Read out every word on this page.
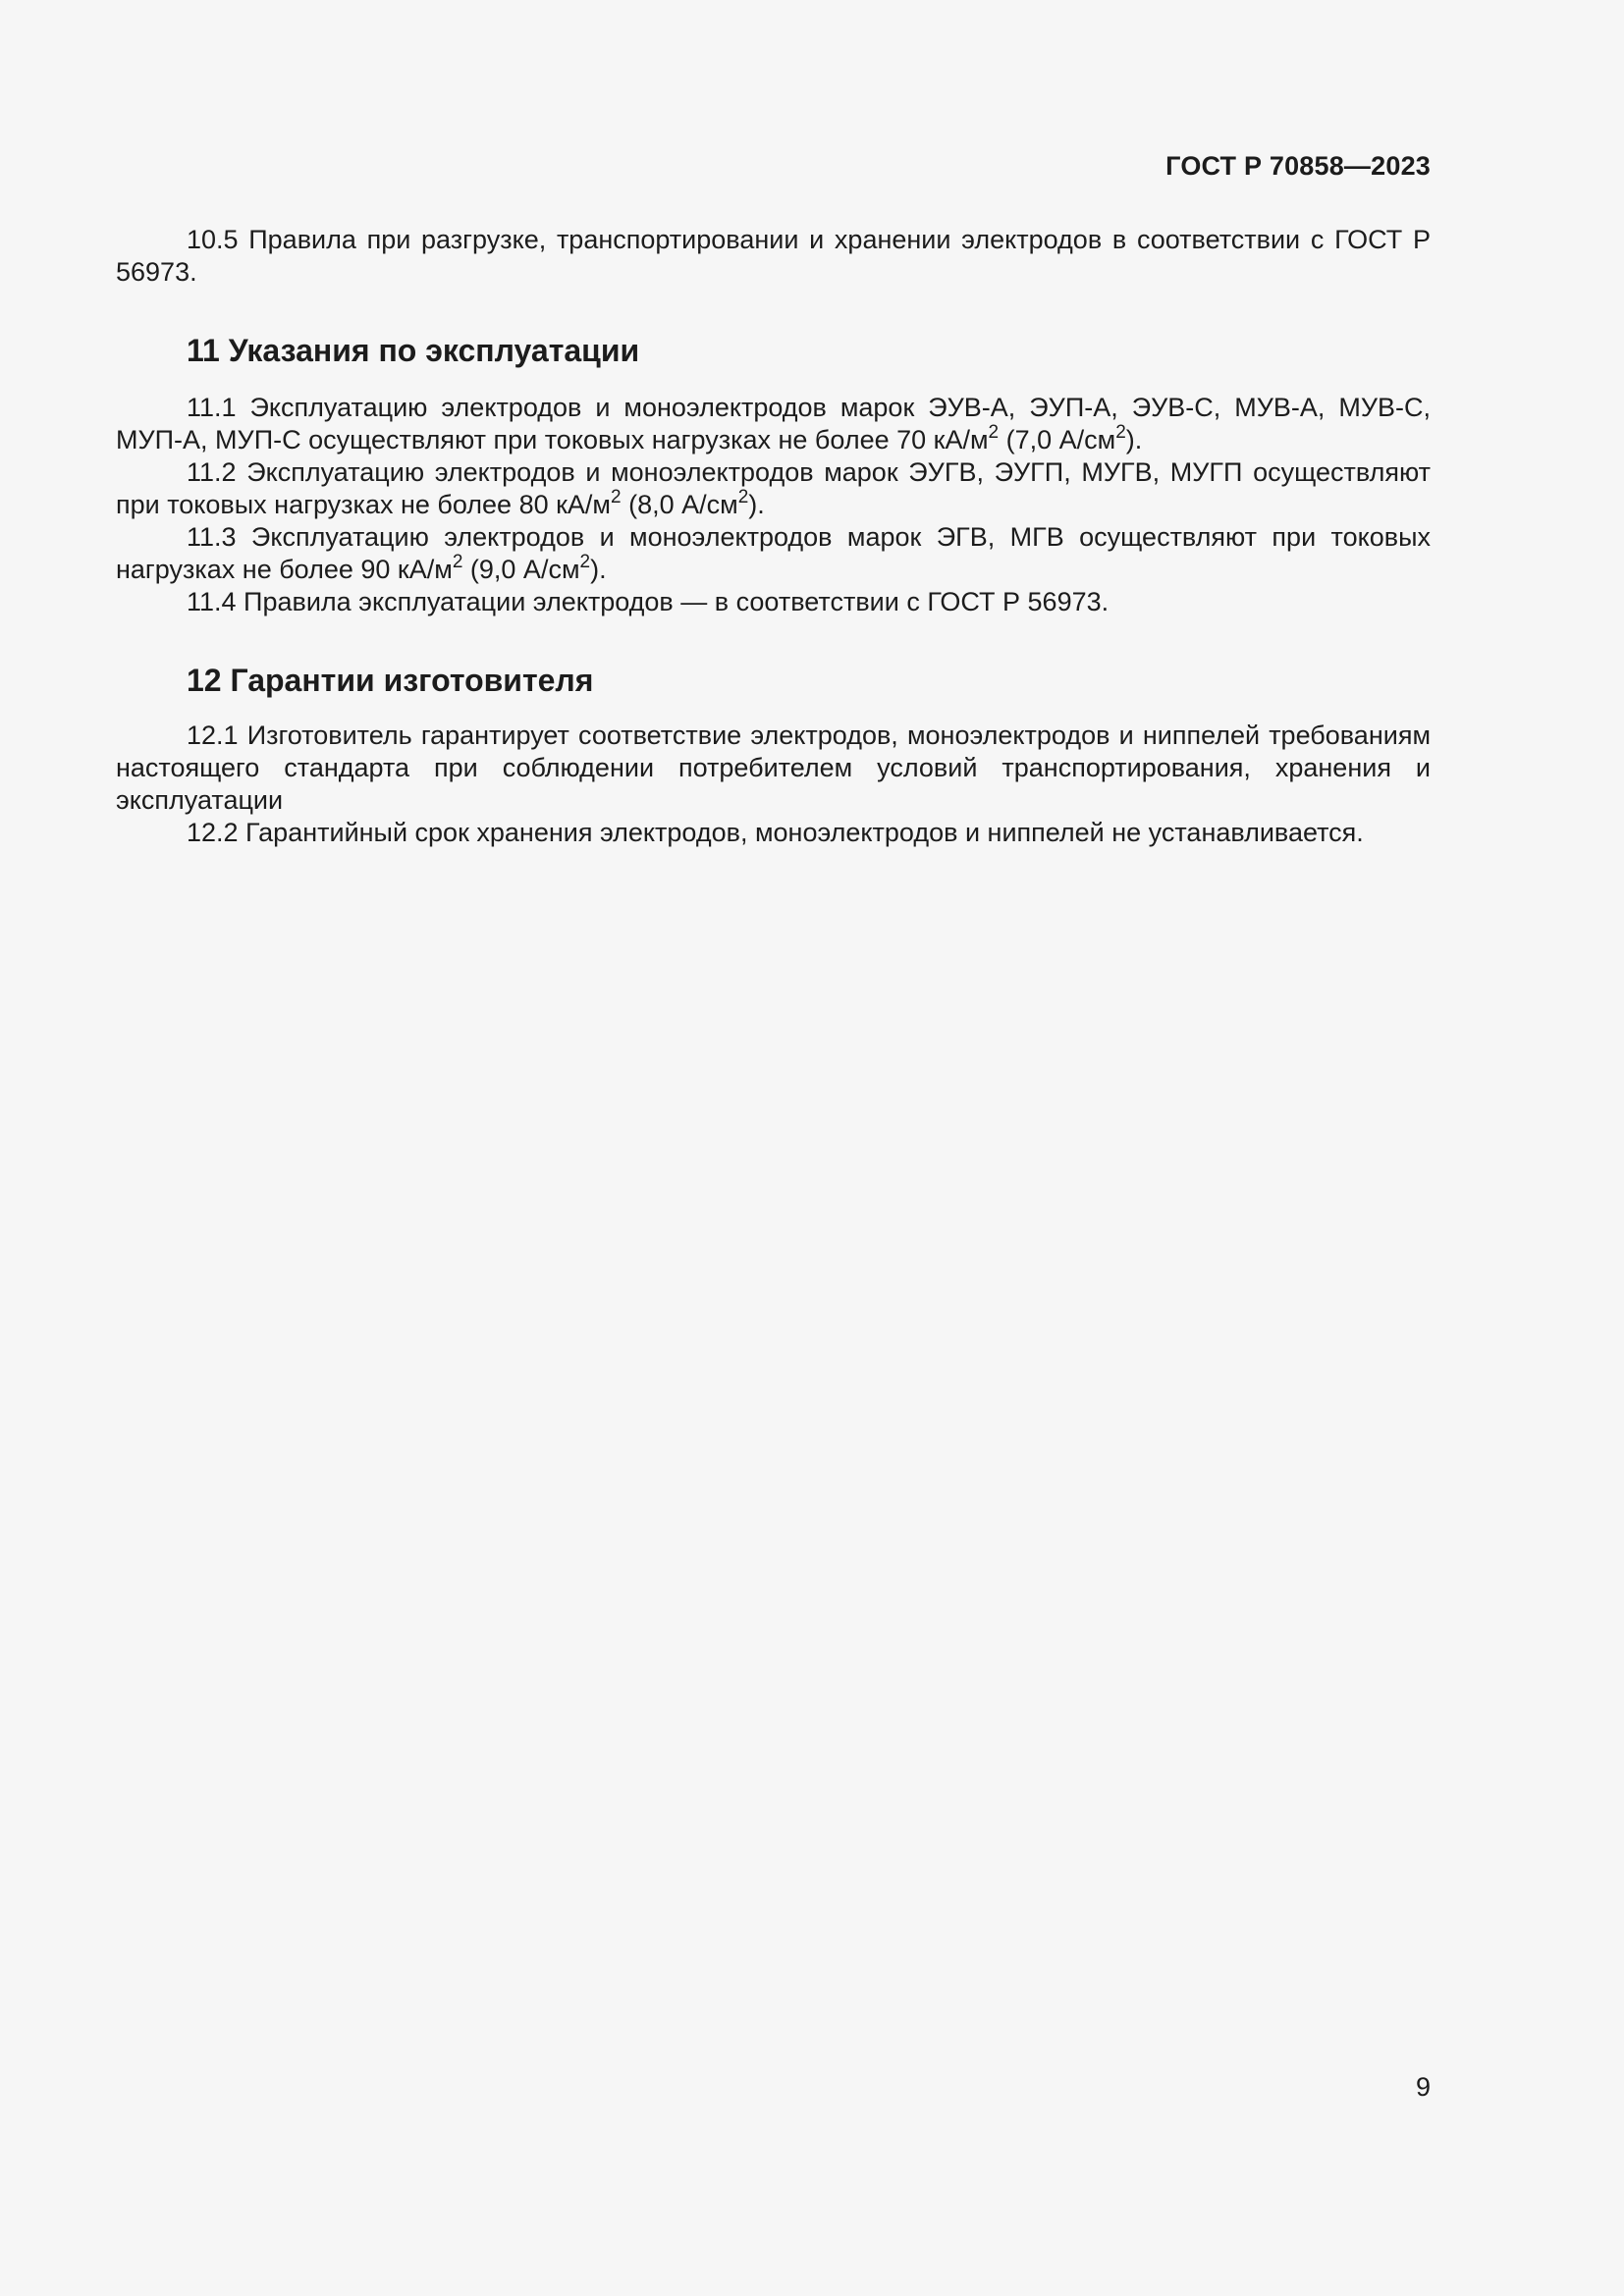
ГОСТ Р 70858—2023

10.5 Правила при разгрузке, транспортировании и хранении электродов в соответствии с ГОСТ Р 56973.

11 Указания по эксплуатации

11.1 Эксплуатацию электродов и моноэлектродов марок ЭУВ-А, ЭУП-А, ЭУВ-С, МУВ-А, МУВ-С, МУП-А, МУП-С осуществляют при токовых нагрузках не более 70 $кА/м^2$ (7,0 $А/см^2$).

11.2 Эксплуатацию электродов и моноэлектродов марок ЭУГВ, ЭУГП, МУГВ, МУГП осуществляют при токовых нагрузках не более 80 $кА/м^2$ (8,0 $А/см^2$).

11.3 Эксплуатацию электродов и моноэлектродов марок ЭГВ, МГВ осуществляют при токовых нагрузках не более 90 $кА/м^2$ (9,0 $А/см^2$).

11.4 Правила эксплуатации электродов — в соответствии с ГОСТ Р 56973.

12 Гарантии изготовителя

12.1 Изготовитель гарантирует соответствие электродов, моноэлектродов и ниппелей требованиям настоящего стандарта при соблюдении потребителем условий транспортирования, хранения и эксплуатации

12.2 Гарантийный срок хранения электродов, моноэлектродов и ниппелей не устанавливается.

9
